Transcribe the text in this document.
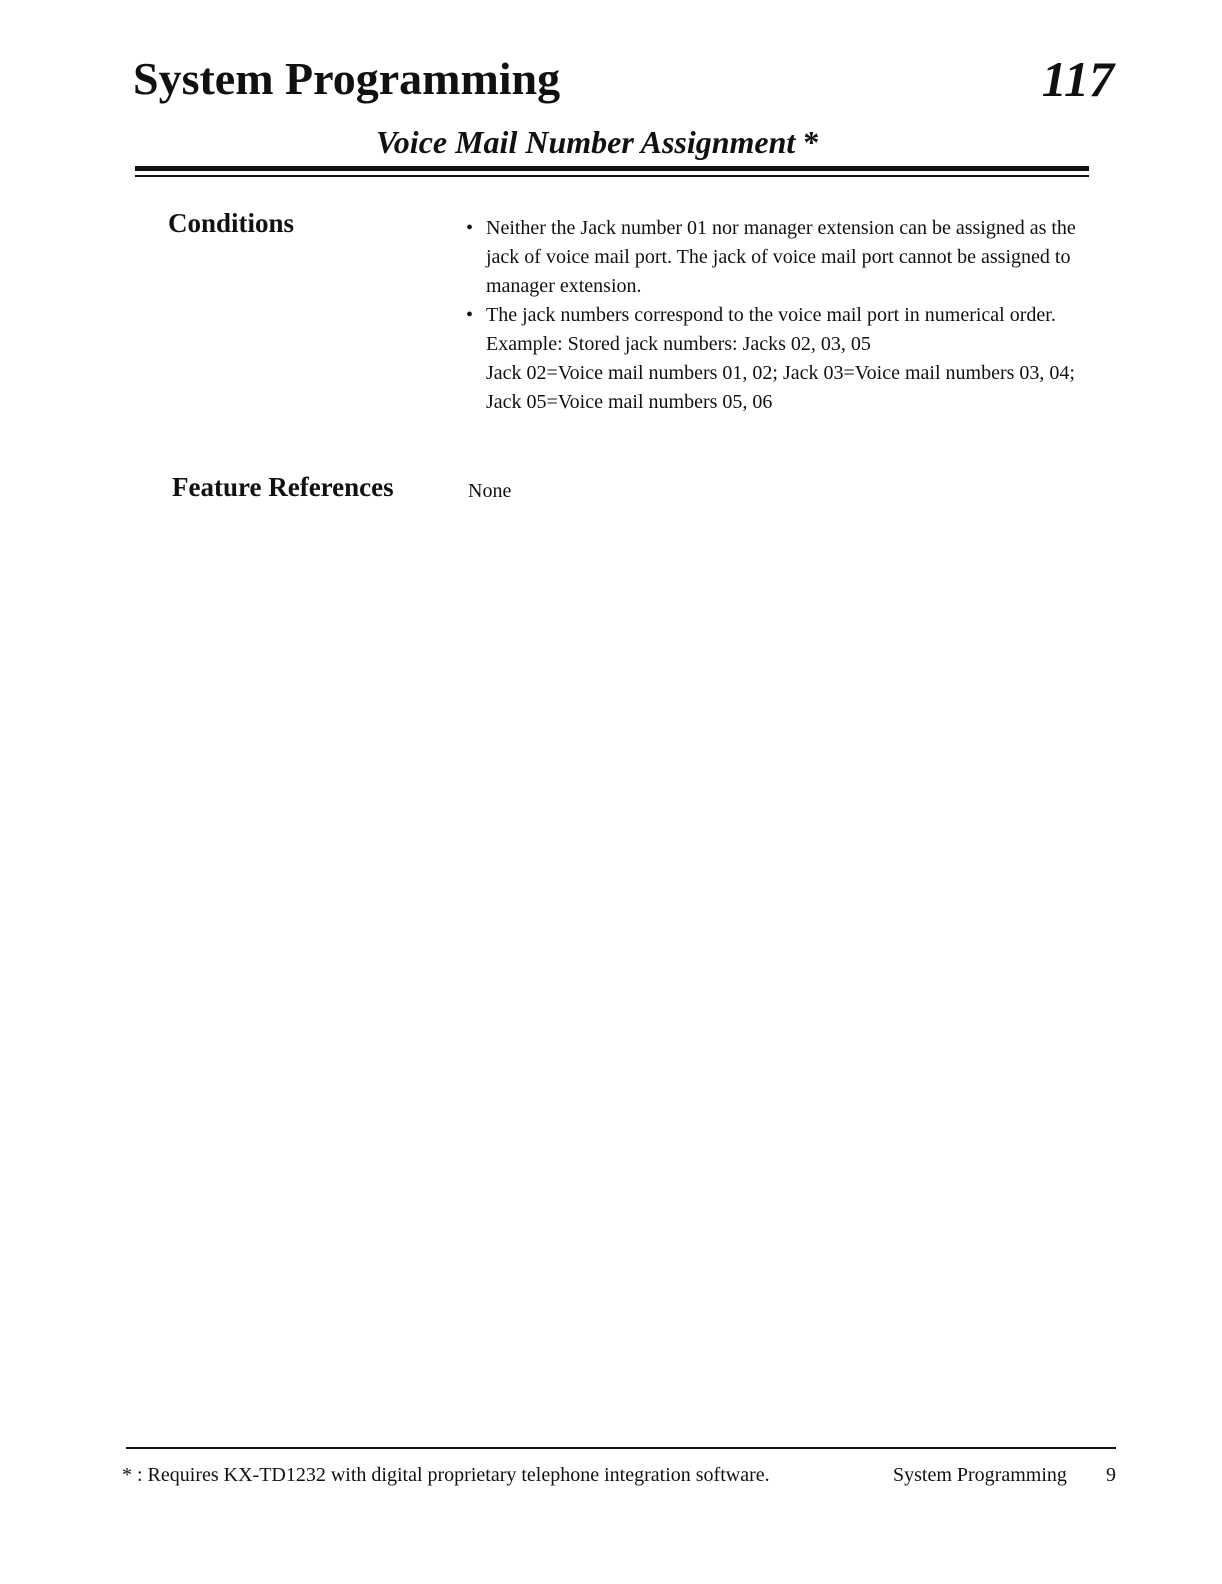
System Programming	117
Voice Mail Number Assignment *
Conditions	• Neither the Jack number 01 nor manager extension can be assigned as the jack of voice mail port. The jack of voice mail port cannot be assigned to manager extension.

• The jack numbers correspond to the voice mail port in numerical order.

Example: Stored jack numbers: Jacks 02, 03, 05

Jack 02=Voice mail numbers 01, 02; Jack 03=Voice mail numbers 03, 04; Jack 05=Voice mail numbers 05, 06

Feature References	None
* : Requires KX-TD1232 with digital proprietary telephone integration software.	System Programming 9
